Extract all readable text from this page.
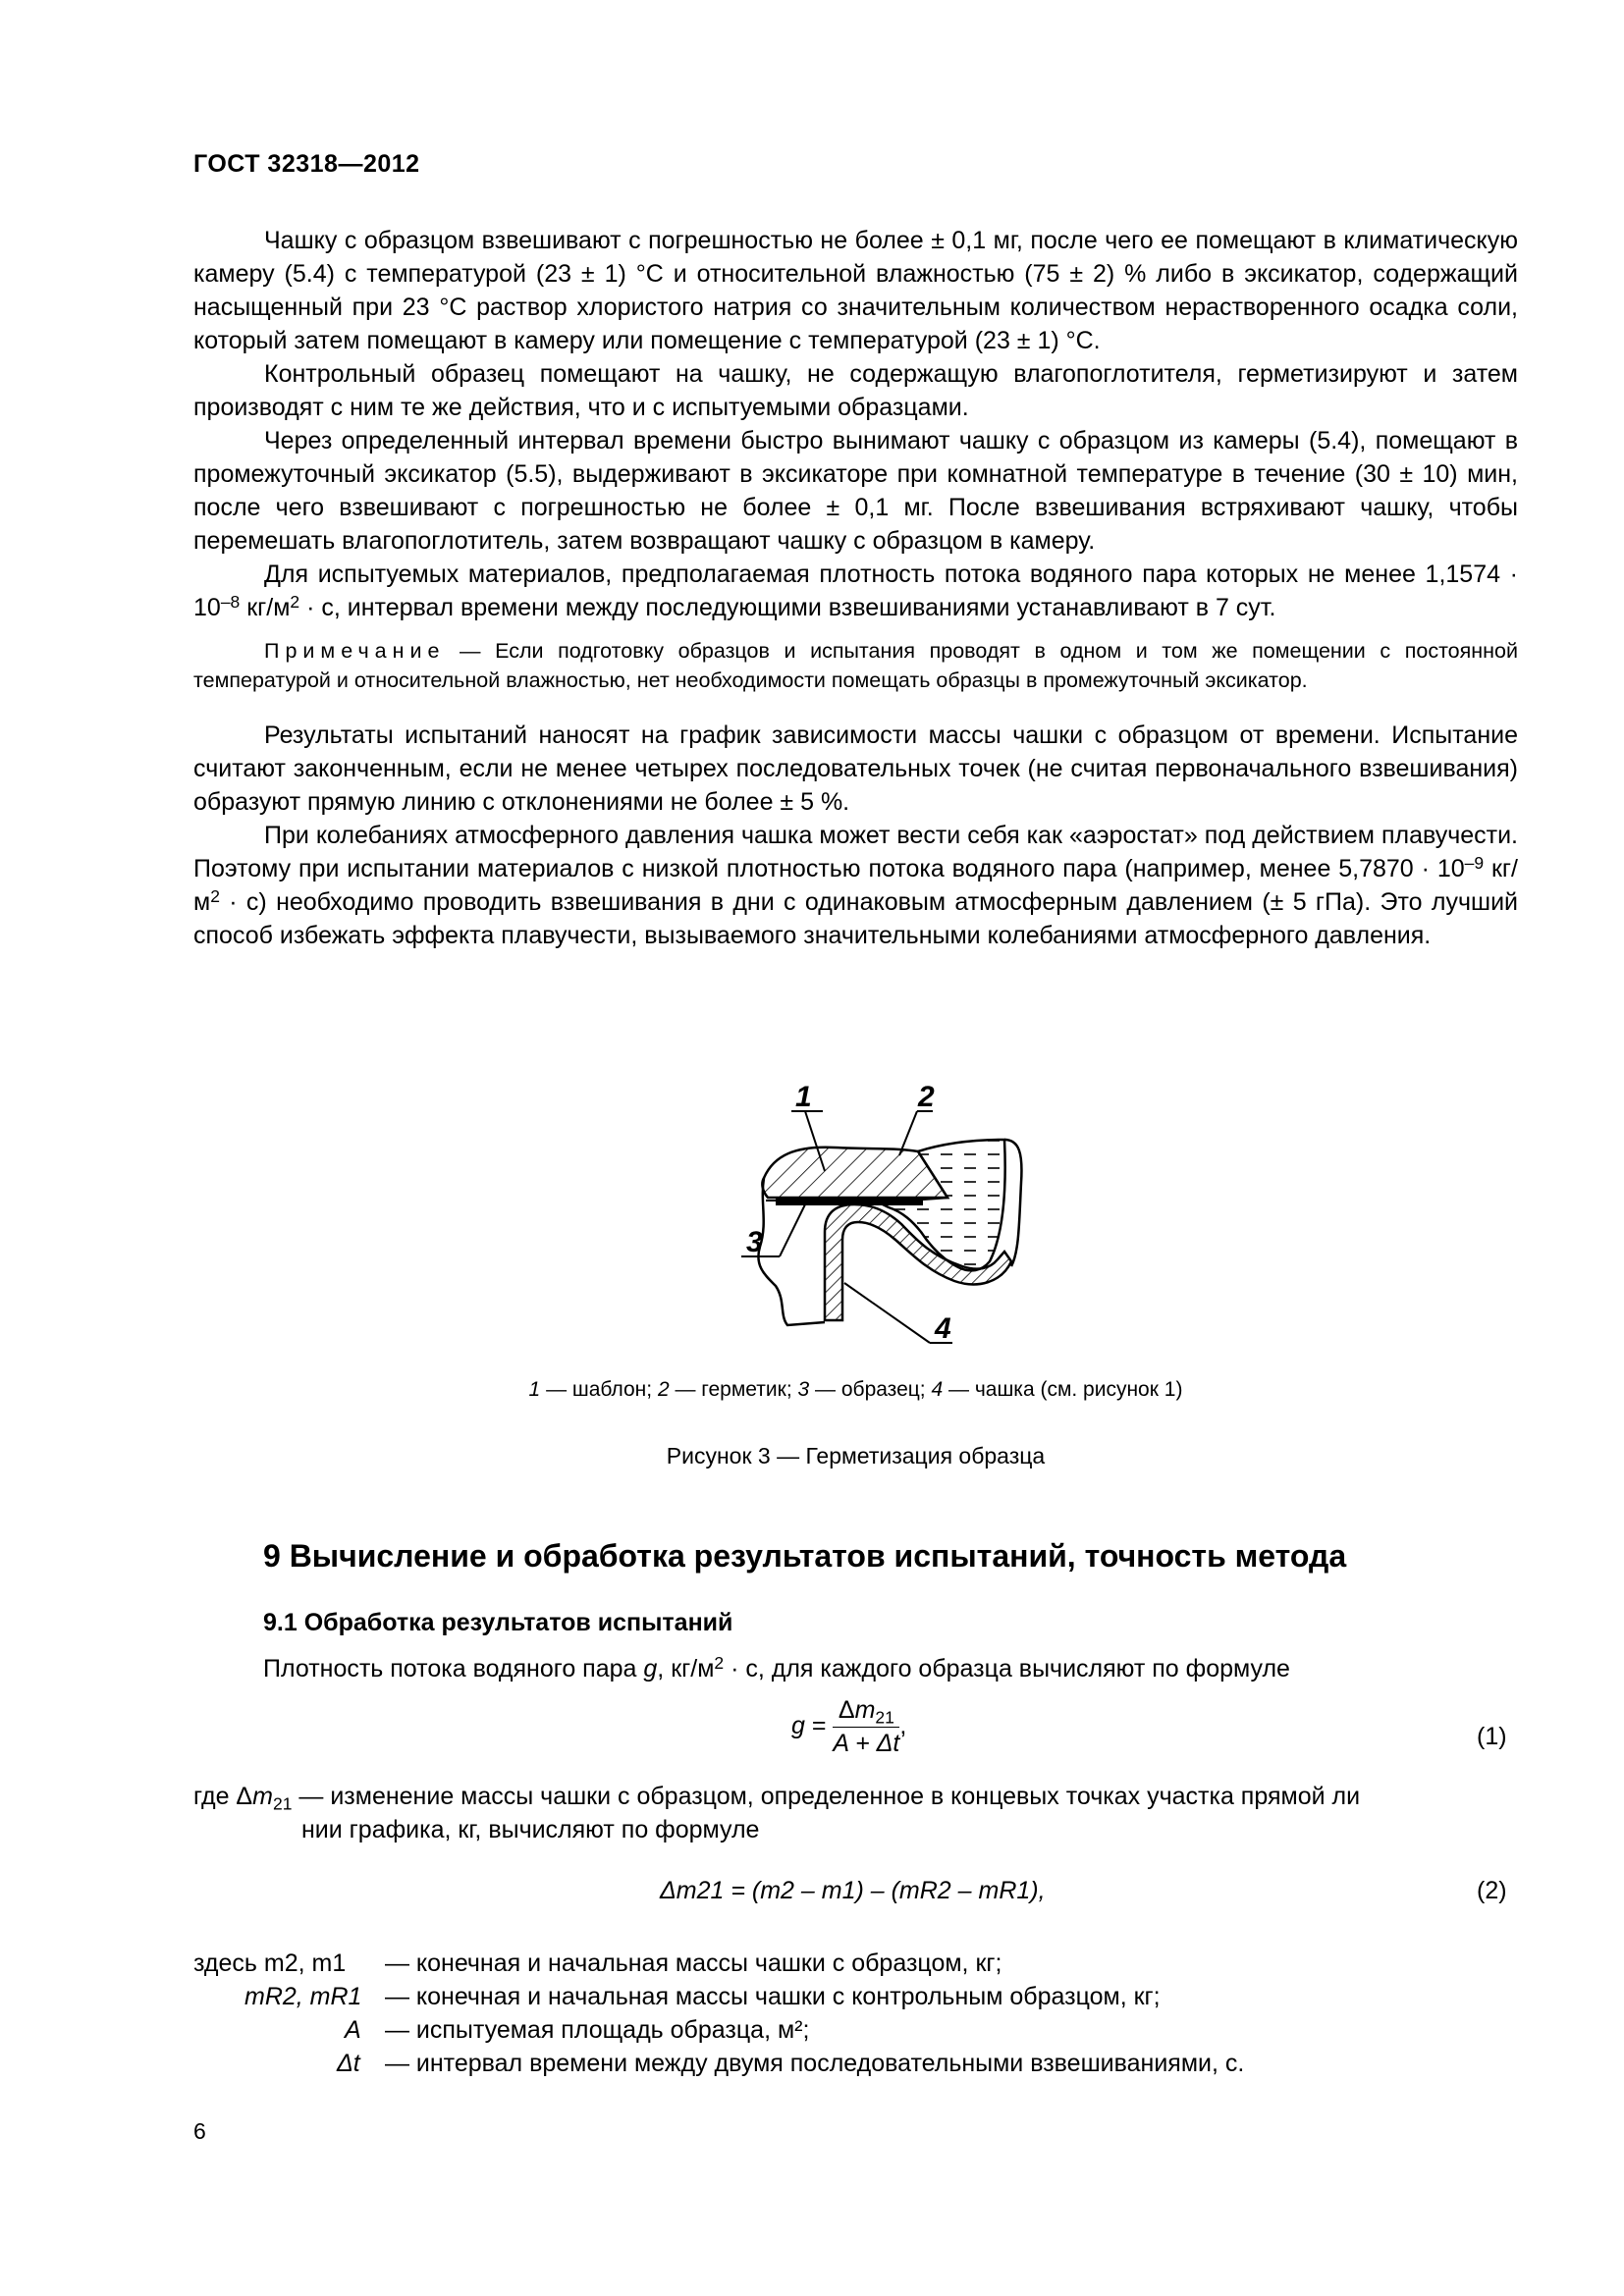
ГОСТ 32318—2012

Чашку с образцом взвешивают с погрешностью не более ± 0,1 мг, после чего ее помещают в климатическую камеру (5.4) с температурой (23 ± 1) °С и относительной влажностью (75 ± 2) % либо в эксикатор, содержащий насыщенный при 23 °С раствор хлористого натрия со значительным количеством нерастворенного осадка соли, который затем помещают в камеру или помещение с температурой (23 ± 1) °С.

Контрольный образец помещают на чашку, не содержащую влагопоглотителя, герметизируют и затем производят с ним те же действия, что и с испытуемыми образцами.

Через определенный интервал времени быстро вынимают чашку с образцом из камеры (5.4), помещают в промежуточный эксикатор (5.5), выдерживают в эксикаторе при комнатной температуре в течение (30 ± 10) мин, после чего взвешивают с погрешностью не более ± 0,1 мг. После взвешивания встряхивают чашку, чтобы перемешать влагопоглотитель, затем возвращают чашку с образцом в камеру.

Для испытуемых материалов, предполагаемая плотность потока водяного пара которых не менее $1,1574 \cdot 10^{-8}$ $кг/м^2 \cdot с$, интервал времени между последующими взвешиваниями устанавливают в 7 сут.

Примечание — Если подготовку образцов и испытания проводят в одном и том же помещении с постоянной температурой и относительной влажностью, нет необходимости помещать образцы в промежуточный эксикатор.

Результаты испытаний наносят на график зависимости массы чашки с образцом от времени. Испытание считают законченным, если не менее четырех последовательных точек (не считая первоначального взвешивания) образуют прямую линию с отклонениями не более ± 5 %.

При колебаниях атмосферного давления чашка может вести себя как «аэростат» под действием плавучести. Поэтому при испытании материалов с низкой плотностью потока водяного пара (например, менее $5,7870 \cdot 10^{-9}$ $кг/м^2 \cdot с$) необходимо проводить взвешивания в дни с одинаковым атмосферным давлением (± 5 гПа). Это лучший способ избежать эффекта плавучести, вызываемого значительными колебаниями атмосферного давления.

1	2
3
4
1 — шаблон; 2 — герметик; 3 — образец; 4 — чашка (см. рисунок 1)
Рисунок 3 — Герметизация образца
9 Вычисление и обработка результатов испытаний, точность метода
9.1 Обработка результатов испытаний
Плотность потока водяного пара g, $кг/м^2 \cdot с$, для каждого образца вычисляют по формуле
$g = \frac{\Delta m_{21}}{A + \Delta t}$ ,	(1)
где $\Delta m_{21}$ — изменение массы чашки с образцом, определенное в концевых точках участка прямой ли
нии графика, кг, вычисляют по формуле
Δm21 = (m2 – m1) – (mR2 – mR1),	(2)
здесь m2, m1 — конечная и начальная массы чашки с образцом, кг;
mR2, mR1 — конечная и начальная массы чашки с контрольным образцом, кг;
A — испытуемая площадь образца, м²;
Δt — интервал времени между двумя последовательными взвешиваниями, с.
6
